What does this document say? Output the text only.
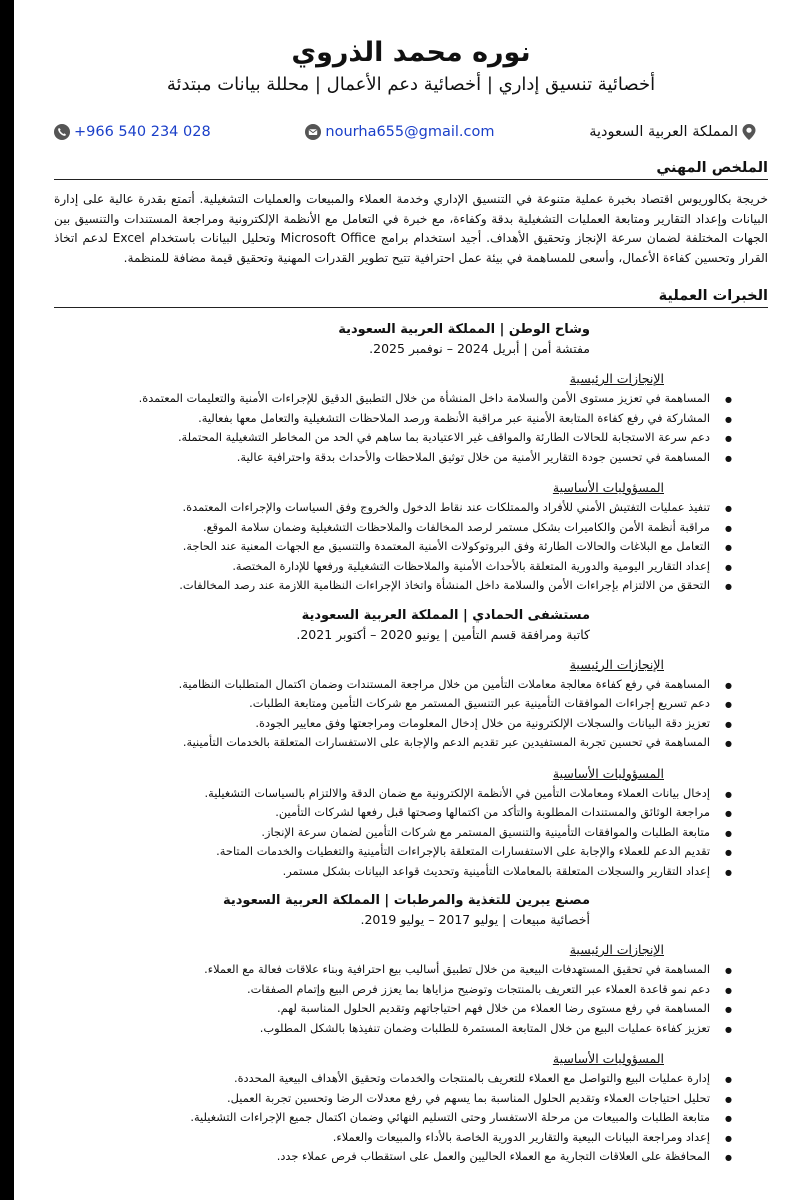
نوره محمد الذروي
أخصائية تنسيق إداري | أخصائية دعم الأعمال | محللة بيانات مبتدئة
المملكة العربية السعودية
nourha655@gmail.com
+966 540 234 028
الملخص المهني

خريجة بكالوريوس اقتصاد بخبرة عملية متنوعة في التنسيق الإداري وخدمة العملاء والمبيعات والعمليات التشغيلية. أتمتع بقدرة عالية على إدارة البيانات وإعداد التقارير ومتابعة العمليات التشغيلية بدقة وكفاءة، مع خبرة في التعامل مع الأنظمة الإلكترونية ومراجعة المستندات والتنسيق بين الجهات المختلفة لضمان سرعة الإنجاز وتحقيق الأهداف. أجيد استخدام برامج Microsoft Office وتحليل البيانات باستخدام Excel لدعم اتخاذ القرار وتحسين كفاءة الأعمال، وأسعى للمساهمة في بيئة عمل احترافية تتيح تطوير القدرات المهنية وتحقيق قيمة مضافة للمنظمة.

الخبرات العملية
وشاح الوطن | المملكة العربية السعودية
مفتشة أمن | أبريل 2024 – نوفمبر 2025.
الإنجازات الرئيسية
● المساهمة في تعزيز مستوى الأمن والسلامة داخل المنشأة من خلال التطبيق الدقيق للإجراءات الأمنية والتعليمات المعتمدة.
● المشاركة في رفع كفاءة المتابعة الأمنية عبر مراقبة الأنظمة ورصد الملاحظات التشغيلية والتعامل معها بفعالية.
● دعم سرعة الاستجابة للحالات الطارئة والمواقف غير الاعتيادية بما ساهم في الحد من المخاطر التشغيلية المحتملة.
● المساهمة في تحسين جودة التقارير الأمنية من خلال توثيق الملاحظات والأحداث بدقة واحترافية عالية.
المسؤوليات الأساسية
● تنفيذ عمليات التفتيش الأمني للأفراد والممتلكات عند نقاط الدخول والخروج وفق السياسات والإجراءات المعتمدة.
● مراقبة أنظمة الأمن والكاميرات بشكل مستمر لرصد المخالفات والملاحظات التشغيلية وضمان سلامة الموقع.
● التعامل مع البلاغات والحالات الطارئة وفق البروتوكولات الأمنية المعتمدة والتنسيق مع الجهات المعنية عند الحاجة.
● إعداد التقارير اليومية والدورية المتعلقة بالأحداث الأمنية والملاحظات التشغيلية ورفعها للإدارة المختصة.
● التحقق من الالتزام بإجراءات الأمن والسلامة داخل المنشأة واتخاذ الإجراءات النظامية اللازمة عند رصد المخالفات.
مستشفى الحمادي | المملكة العربية السعودية
كاتبة ومرافقة قسم التأمين | يونيو 2020 – أكتوبر 2021.
الإنجازات الرئيسية
● المساهمة في رفع كفاءة معالجة معاملات التأمين من خلال مراجعة المستندات وضمان اكتمال المتطلبات النظامية.
● دعم تسريع إجراءات الموافقات التأمينية عبر التنسيق المستمر مع شركات التأمين ومتابعة الطلبات.
● تعزيز دقة البيانات والسجلات الإلكترونية من خلال إدخال المعلومات ومراجعتها وفق معايير الجودة.
● المساهمة في تحسين تجربة المستفيدين عبر تقديم الدعم والإجابة على الاستفسارات المتعلقة بالخدمات التأمينية.
المسؤوليات الأساسية
● إدخال بيانات العملاء ومعاملات التأمين في الأنظمة الإلكترونية مع ضمان الدقة والالتزام بالسياسات التشغيلية.
● مراجعة الوثائق والمستندات المطلوبة والتأكد من اكتمالها وصحتها قبل رفعها لشركات التأمين.
● متابعة الطلبات والموافقات التأمينية والتنسيق المستمر مع شركات التأمين لضمان سرعة الإنجاز.
● تقديم الدعم للعملاء والإجابة على الاستفسارات المتعلقة بالإجراءات التأمينية والتغطيات والخدمات المتاحة.
● إعداد التقارير والسجلات المتعلقة بالمعاملات التأمينية وتحديث قواعد البيانات بشكل مستمر.
مصنع يبرين للتغذية والمرطبات | المملكة العربية السعودية
أخصائية مبيعات | يوليو 2017 – يوليو 2019.
الإنجازات الرئيسية
● المساهمة في تحقيق المستهدفات البيعية من خلال تطبيق أساليب بيع احترافية وبناء علاقات فعالة مع العملاء.
● دعم نمو قاعدة العملاء عبر التعريف بالمنتجات وتوضيح مزاياها بما يعزز فرص البيع وإتمام الصفقات.
● المساهمة في رفع مستوى رضا العملاء من خلال فهم احتياجاتهم وتقديم الحلول المناسبة لهم.
● تعزيز كفاءة عمليات البيع من خلال المتابعة المستمرة للطلبات وضمان تنفيذها بالشكل المطلوب.
المسؤوليات الأساسية
● إدارة عمليات البيع والتواصل مع العملاء للتعريف بالمنتجات والخدمات وتحقيق الأهداف البيعية المحددة.
● تحليل احتياجات العملاء وتقديم الحلول المناسبة بما يسهم في رفع معدلات الرضا وتحسين تجربة العميل.
● متابعة الطلبات والمبيعات من مرحلة الاستفسار وحتى التسليم النهائي وضمان اكتمال جميع الإجراءات التشغيلية.
● إعداد ومراجعة البيانات البيعية والتقارير الدورية الخاصة بالأداء والمبيعات والعملاء.
● المحافظة على العلاقات التجارية مع العملاء الحاليين والعمل على استقطاب فرص عملاء جدد.
